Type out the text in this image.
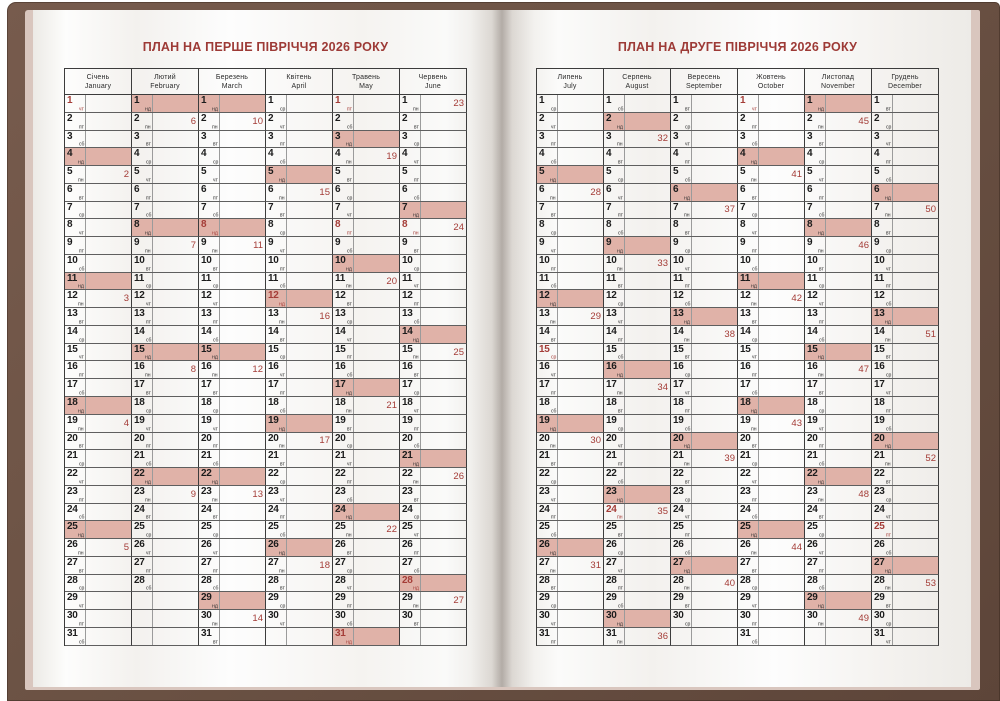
ПЛАН НА ПЕРШЕ ПІВРІЧЧЯ 2026 РОКУ
Січень
January
Лютий
February
Березень
March
Квітень
April
Травень
May
Червень
June
1
чт
1
нд
1
нд
1
ср
1
пт
1
пн
23
2
пт
2
пн
6 2
пн
10 2
чт
2
сб
2
вт
3
сб
3
вт
3
вт
3
пт
3
нд
3
ср
4
нд
4
ср
4
ср
4
сб
4
пн
19 4
чт
5
пн
2 5
чт
5
чт
5
нд
5
вт
5
пт
6
вт
6
пт
6
пт
6
пн
15 6
ср
6
сб
7
ср
7
сб
7
сб
7
вт
7
чт
7
нд
8
чт
8
нд
8
нд
8
ср
8
пт
8
пн
24
9
пт
9
пн
7 9
пн
11 9
чт
9
сб
9
вт
10
сб
10
вт
10
вт
10
пт
10
нд
10
ср
11
нд
11
ср
11
ср
11
сб
11
пн
20 11
чт
12
пн
3 12
чт
12
чт
12
нд
12
вт
12
пт
13
вт
13
пт
13
пт
13
пн
16 13
ср
13
сб
14
ср
14
сб
14
сб
14
вт
14
чт
14
нд
15
чт
15
нд
15
нд
15
ср
15
пт
15
пн
25
16
пт
16
пн
8 16
пн
12 16
чт
16
сб
16
вт
17
сб
17
вт
17
вт
17
пт
17
нд
17
ср
18
нд
18
ср
18
ср
18
сб
18
пн
21 18
чт
19
пн
4 19
чт
19
чт
19
нд
19
вт
19
пт
20
вт
20
пт
20
пт
20
пн
17 20
ср
20
сб
21
ср
21
сб
21
сб
21
вт
21
чт
21
нд
22
чт
22
нд
22
нд
22
ср
22
пт
22
пн
26
23
пт
23
пн
9 23
пн
13 23
чт
23
сб
23
вт
24
сб
24
вт
24
вт
24
пт
24
нд
24
ср
25
нд
25
ср
25
ср
25
сб
25
пн
22 25
чт
26
пн
5 26
чт
26
чт
26
нд
26
вт
26
пт
27
вт
27
пт
27
пт
27
пн
18 27
ср
27
сб
28
ср
28
сб
28
сб
28
вт
28
чт
28
нд
29
чт
29
нд
29
ср
29
пт
29
пн
27
30
пт
30
пн
14 30
чт
30
сб
30
вт
31
сб
31
вт
31
нд
ПЛАН НА ДРУГЕ ПІВРІЧЧЯ 2026 РОКУ
Липень
July
Серпень
August
Вересень
September
Жовтень
October
Листопад
November
Грудень
December
1
ср
1
сб
1
вт
1
чт
1
нд
1
вт
2
чт
2
нд
2
ср
2
пт
2
пн
45 2
ср
3
пт
3
пн
32 3
чт
3
сб
3
вт
3
чт
4
сб
4
вт
4
пт
4
нд
4
ср
4
пт
5
нд
5
ср
5
сб
5
пн
41 5
чт
5
сб
6
пн
28 6
чт
6
нд
6
вт
6
пт
6
нд
7
вт
7
пт
7
пн
37 7
ср
7
сб
7
пн
50
8
ср
8
сб
8
вт
8
чт
8
нд
8
вт
9
чт
9
нд
9
ср
9
пт
9
пн
46 9
ср
10
пт
10
пн
33 10
чт
10
сб
10
вт
10
чт
11
сб
11
вт
11
пт
11
нд
11
ср
11
пт
12
нд
12
ср
12
сб
12
пн
42 12
чт
12
сб
13
пн
29 13
чт
13
нд
13
вт
13
пт
13
нд
14
вт
14
пт
14
пн
38 14
ср
14
сб
14
пн
51
15
ср
15
сб
15
вт
15
чт
15
нд
15
вт
16
чт
16
нд
16
ср
16
пт
16
пн
47 16
ср
17
пт
17
пн
34 17
чт
17
сб
17
вт
17
чт
18
сб
18
вт
18
пт
18
нд
18
ср
18
пт
19
нд
19
ср
19
сб
19
пн
43 19
чт
19
сб
20
пн
30 20
чт
20
нд
20
вт
20
пт
20
нд
21
вт
21
пт
21
пн
39 21
ср
21
сб
21
пн
52
22
ср
22
сб
22
вт
22
чт
22
нд
22
вт
23
чт
23
нд
23
ср
23
пт
23
пн
48 23
ср
24
пт
24
пн
35 24
чт
24
сб
24
вт
24
чт
25
сб
25
вт
25
пт
25
нд
25
ср
25
пт
26
нд
26
ср
26
сб
26
пн
44 26
чт
26
сб
27
пн
31 27
чт
27
нд
27
вт
27
пт
27
нд
28
вт
28
пт
28
пн
40 28
ср
28
сб
28
пн
53
29
ср
29
сб
29
вт
29
чт
29
нд
29
вт
30
чт
30
нд
30
ср
30
пт
30
пн
49 30
ср
31
пт
31
пн
36	31
сб
31
чт
